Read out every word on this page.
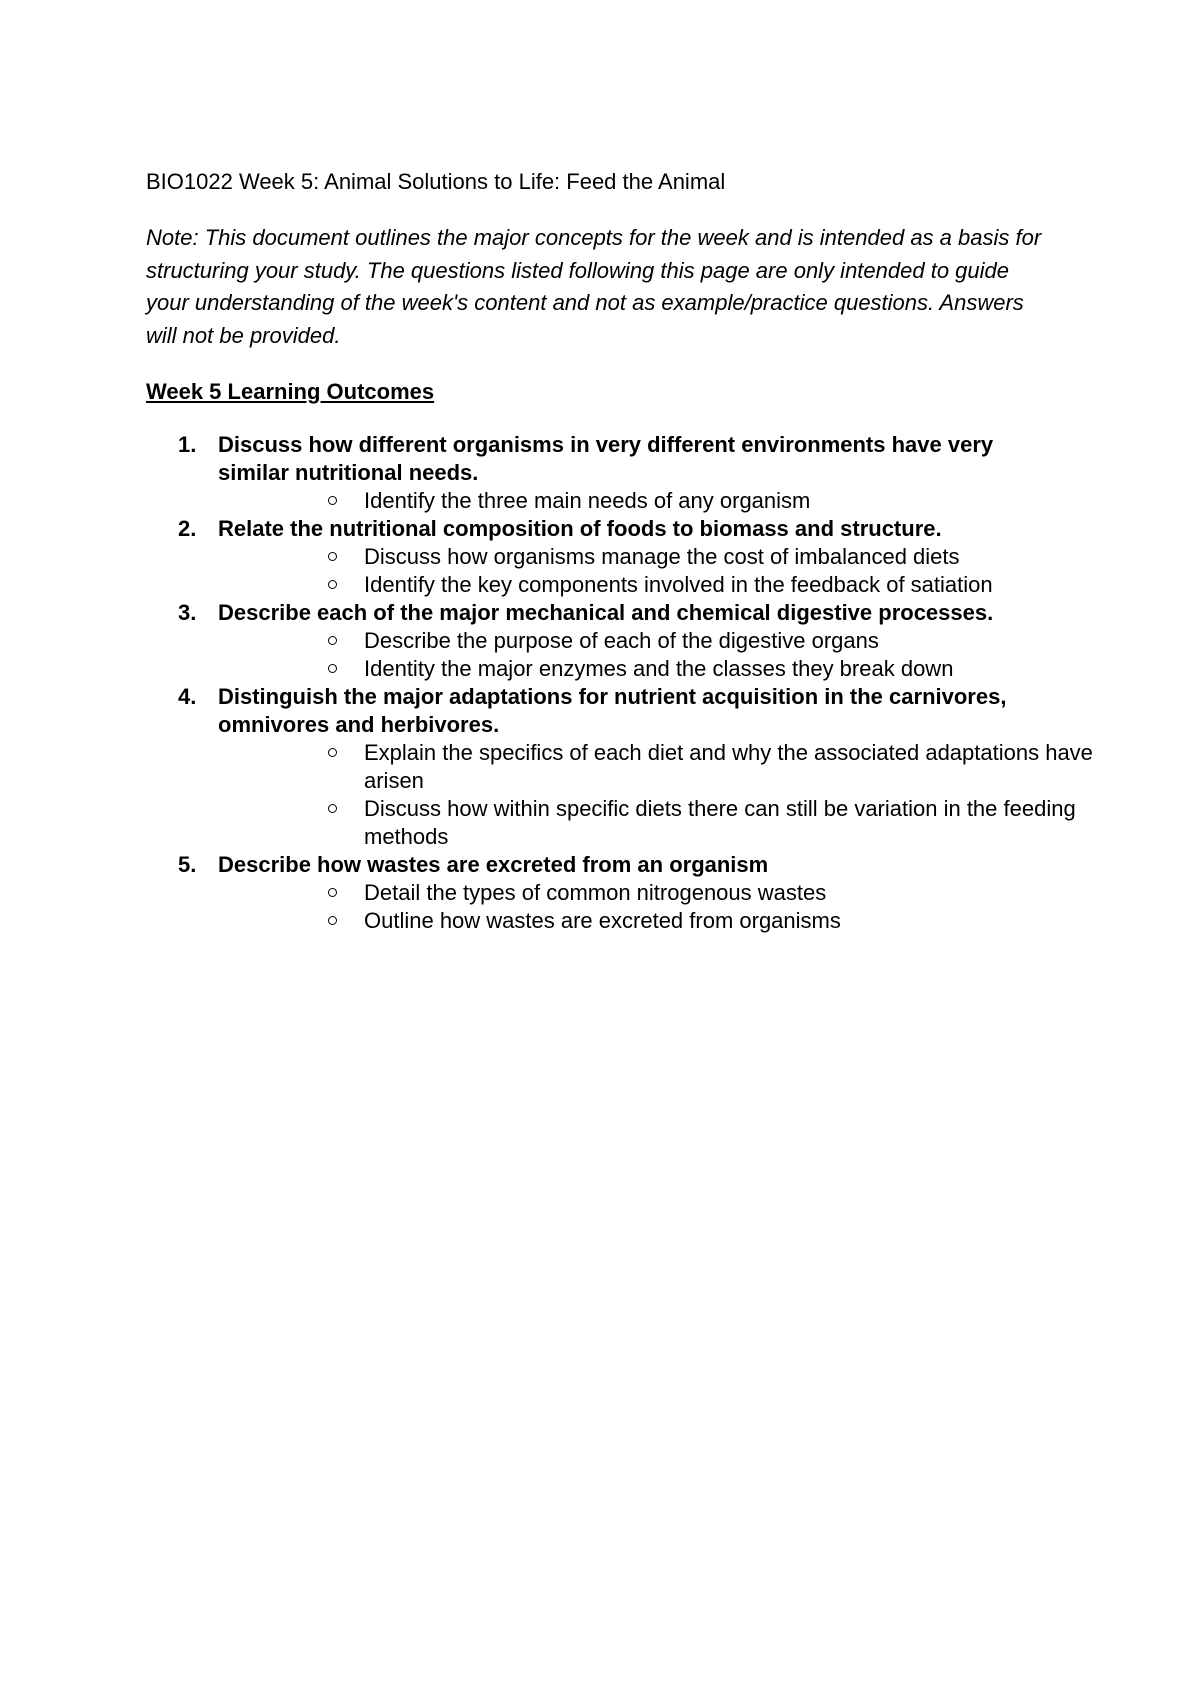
BIO1022 Week 5: Animal Solutions to Life: Feed the Animal
Note: This document outlines the major concepts for the week and is intended as a basis for structuring your study. The questions listed following this page are only intended to guide your understanding of the week's content and not as example/practice questions. Answers will not be provided.
Week 5 Learning Outcomes
1. Discuss how different organisms in very different environments have very similar nutritional needs.
Identify the three main needs of any organism
2. Relate the nutritional composition of foods to biomass and structure.
Discuss how organisms manage the cost of imbalanced diets
Identify the key components involved in the feedback of satiation
3. Describe each of the major mechanical and chemical digestive processes.
Describe the purpose of each of the digestive organs
Identity the major enzymes and the classes they break down
4. Distinguish the major adaptations for nutrient acquisition in the carnivores, omnivores and herbivores.
Explain the specifics of each diet and why the associated adaptations have arisen
Discuss how within specific diets there can still be variation in the feeding methods
5. Describe how wastes are excreted from an organism
Detail the types of common nitrogenous wastes
Outline how wastes are excreted from organisms
